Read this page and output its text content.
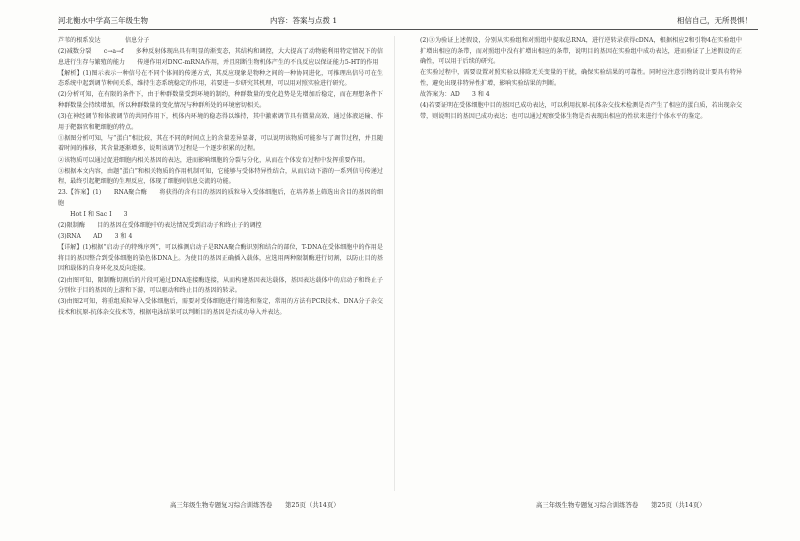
河北衡水中学高三年级生物	内容：答案与点拨 1	相信自己，无所畏惧！
芦苇的根系发达　　　　信息分子
(2)减数分裂　　c→a→f　　多种反射体现出具有明显的渐变态，其结构和调控，大大提高了动物能利用特定情况下的信息进行生存与繁殖的能力　　传递作用对DNC-mRNA作用，并且阻断生物机体产生的不良反应以保证能力5-HT的作用
【解析】(1)图示表示一种信号在不同个体间的传递方式，其反应现象是物种之间的一种协同进化，可推理出信号可在生态系统中起到调节种间关系，维持生态系统稳定的作用，若要进一步研究其机理，可以用对照实验进行研究。
(2)分析可知，在有限的条件下，由于种群数量受到环境的制约，种群数量的变化趋势是先增加后稳定，而在理想条件下种群数量会持续增加，所以种群数量的变化情况与种群所处的环境密切相关。
(3)在神经调节和体液调节的共同作用下，机体内环境的稳态得以维持，其中激素调节具有微量高效、通过体液运输、作用于靶器官和靶细胞的特点。
①据图分析可知，与“蛋白”相比较，其在不同的时间点上的含量差异显著，可以说明该物质可能参与了调节过程，并且随着时间的推移，其含量逐渐增多，说明该调节过程是一个逐步积累的过程。
②该物质可以通过促进细胞内相关基因的表达，进而影响细胞的分裂与分化，从而在个体发育过程中发挥重要作用。
③根据本文内容，由题“蛋白”和相关物质的作用机制可知，它能够与受体特异性结合，从而启动下游的一系列信号传递过程，最终引起靶细胞的生理反应，体现了细胞间信息交流的功能。
23.【答案】(1)　　RNA聚合酶　　将获得的含有目的基因的质粒导入受体细胞后，在培养基上筛选出含目的基因的细胞
　　Hot I 和 Sac I　　3
(2)限制酶　　目的基因在受体细胞中的表达情况受到启动子和终止子的调控
(3)RNA　　AD　　3 和 4
【详解】(1)根据“启动子的特殊序列”，可以推测启动子是RNA聚合酶识别和结合的部位，T-DNA在受体细胞中的作用是将目的基因整合到受体细胞的染色体DNA上。为使目的基因正确插入载体，应选用两种限制酶进行切割，以防止目的基因和载体的自身环化及反向连接。
(2)由图可知，限制酶切割后的片段可通过DNA连接酶连接，从而构建基因表达载体，基因表达载体中的启动子和终止子分别位于目的基因的上游和下游，可以驱动和终止目的基因的转录。
(3)由图2可知，将重组质粒导入受体细胞后，需要对受体细胞进行筛选和鉴定，常用的方法有PCR技术、DNA分子杂交技术和抗原-抗体杂交技术等，根据电泳结果可以判断目的基因是否成功导入并表达。
(2)③为验证上述假设，分别从实验组和对照组中提取总RNA，进行逆转录获得cDNA，根据相应2和引物4在实验组中扩增出相应的条带，而对照组中没有扩增出相应的条带，说明目的基因在实验组中成功表达，进而验证了上述假设的正确性，可以用于后续的研究。
在实验过程中，需要设置对照实验以排除无关变量的干扰，确保实验结果的可靠性。同时应注意引物的设计要具有特异性，避免出现非特异性扩增，影响实验结果的判断。
故答案为：AD　　3 和 4
(4)若要证明在受体细胞中目的基因已成功表达，可以利用抗原-抗体杂交技术检测是否产生了相应的蛋白质，若出现杂交带，则说明目的基因已成功表达；也可以通过观察受体生物是否表现出相应的性状来进行个体水平的鉴定。
高三年级生物专题复习综合训练答卷　　第25页（共14页）	高三年级生物专题复习综合训练答卷　　第25页（共14页）
